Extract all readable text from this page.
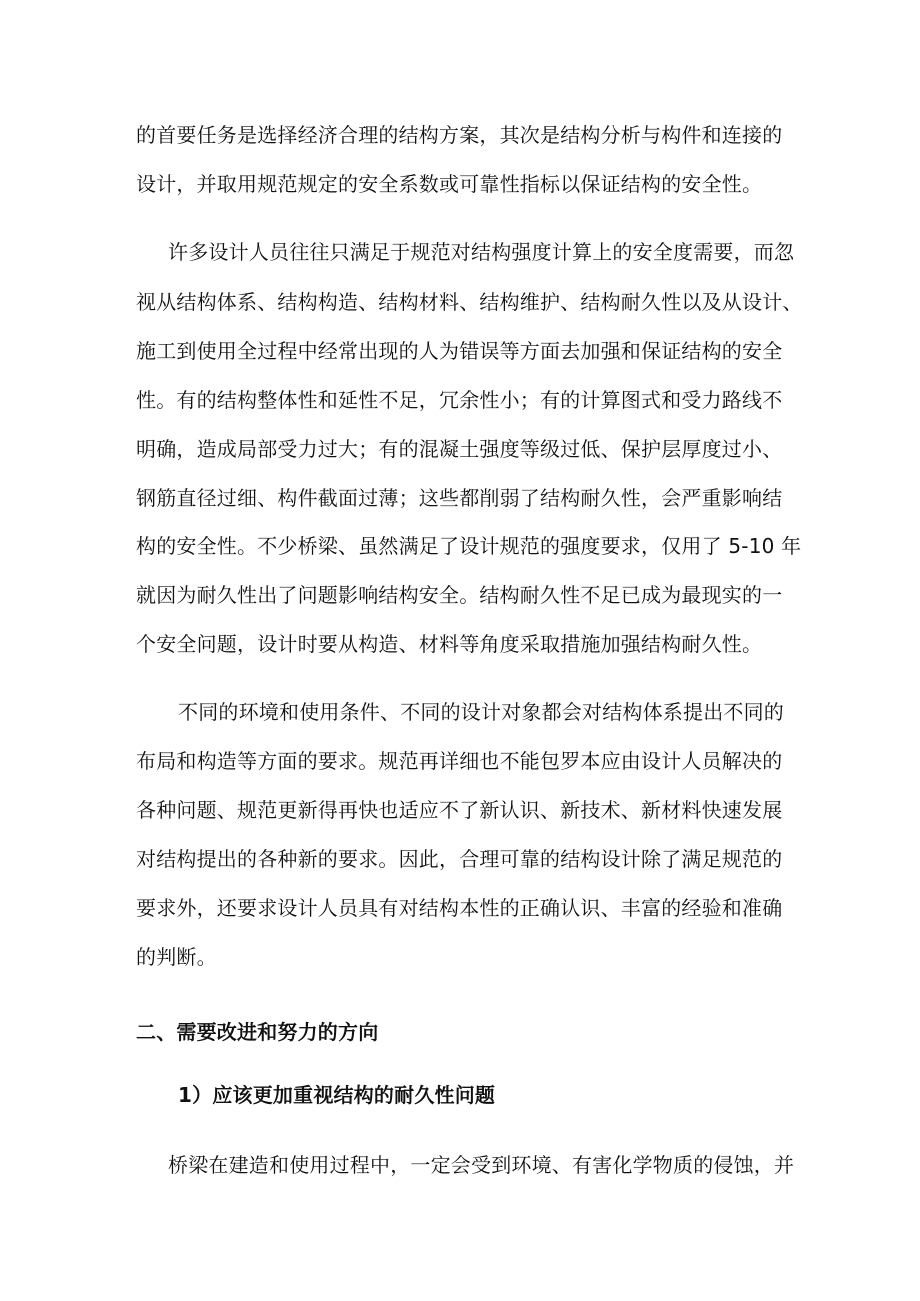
的首要任务是选择经济合理的结构方案，其次是结构分析与构件和连接的
设计，并取用规范规定的安全系数或可靠性指标以保证结构的安全性。
许多设计人员往往只满足于规范对结构强度计算上的安全度需要，而忽
视从结构体系、结构构造、结构材料、结构维护、结构耐久性以及从设计、
施工到使用全过程中经常出现的人为错误等方面去加强和保证结构的安全
性。有的结构整体性和延性不足，冗余性小；有的计算图式和受力路线不
明确，造成局部受力过大；有的混凝土强度等级过低、保护层厚度过小、
钢筋直径过细、构件截面过薄；这些都削弱了结构耐久性，会严重影响结
构的安全性。不少桥梁、虽然满足了设计规范的强度要求，仅用了 5-10 年
就因为耐久性出了问题影响结构安全。结构耐久性不足已成为最现实的一
个安全问题，设计时要从构造、材料等角度采取措施加强结构耐久性。
不同的环境和使用条件、不同的设计对象都会对结构体系提出不同的
布局和构造等方面的要求。规范再详细也不能包罗本应由设计人员解决的
各种问题、规范更新得再快也适应不了新认识、新技术、新材料快速发展
对结构提出的各种新的要求。因此，合理可靠的结构设计除了满足规范的
要求外，还要求设计人员具有对结构本性的正确认识、丰富的经验和准确
的判断。
二、需要改进和努力的方向
1）应该更加重视结构的耐久性问题
桥梁在建造和使用过程中，一定会受到环境、有害化学物质的侵蚀，并
